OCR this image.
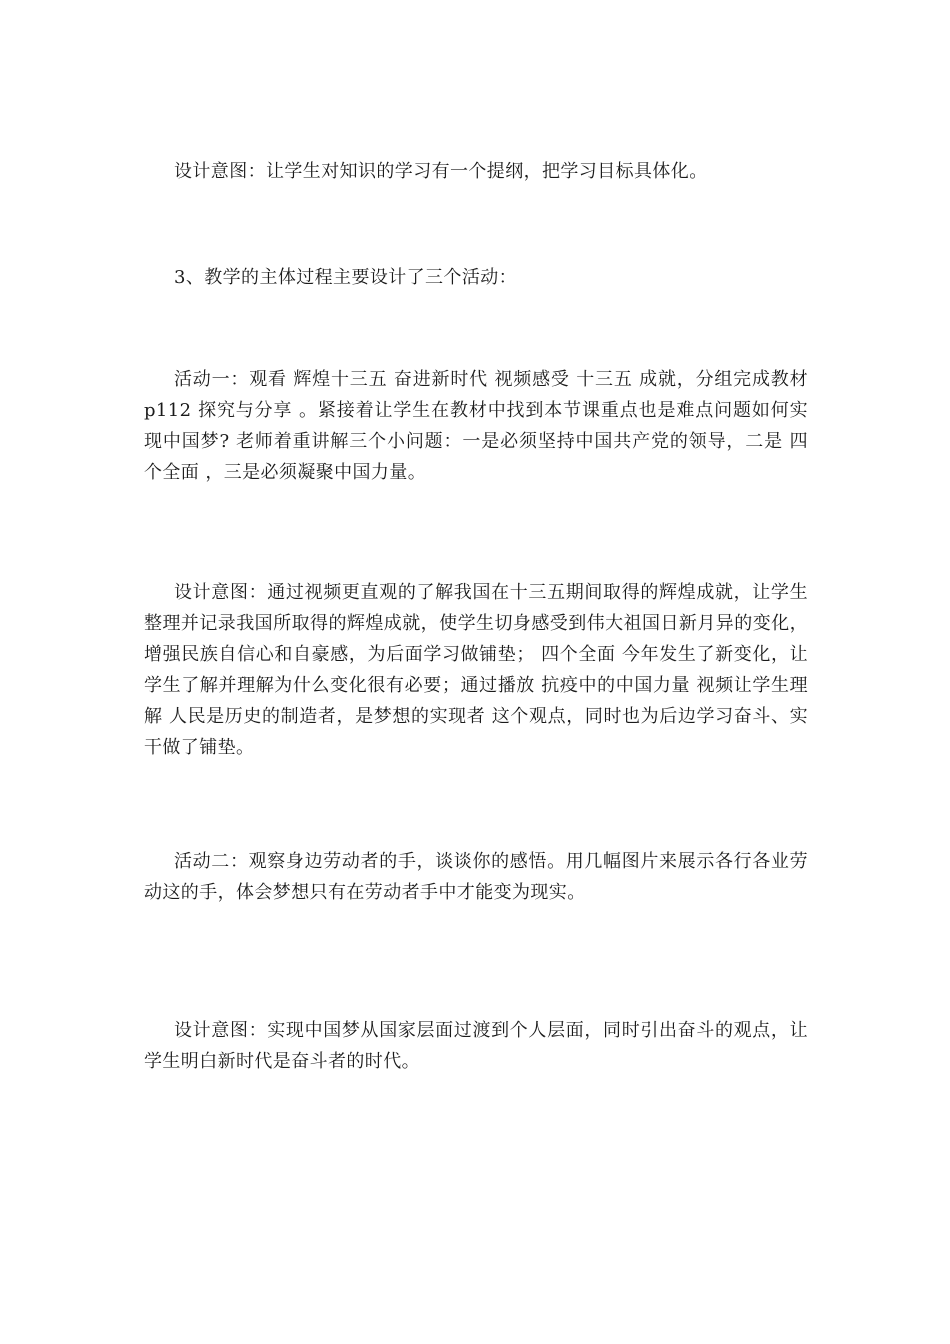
设计意图：让学生对知识的学习有一个提纲，把学习目标具体化。

3、教学的主体过程主要设计了三个活动：

活动一：观看 辉煌十三五 奋进新时代 视频感受 十三五 成就，分组完成教材p112 探究与分享 。紧接着让学生在教材中找到本节课重点也是难点问题如何实现中国梦? 老师着重讲解三个小问题：一是必须坚持中国共产党的领导，二是 四个全面 ，三是必须凝聚中国力量。

设计意图：通过视频更直观的了解我国在十三五期间取得的辉煌成就，让学生整理并记录我国所取得的辉煌成就，使学生切身感受到伟大祖国日新月异的变化，增强民族自信心和自豪感，为后面学习做铺垫； 四个全面 今年发生了新变化，让学生了解并理解为什么变化很有必要；通过播放 抗疫中的中国力量 视频让学生理解 人民是历史的制造者，是梦想的实现者 这个观点，同时也为后边学习奋斗、实干做了铺垫。

活动二：观察身边劳动者的手，谈谈你的感悟。用几幅图片来展示各行各业劳动这的手，体会梦想只有在劳动者手中才能变为现实。

设计意图：实现中国梦从国家层面过渡到个人层面，同时引出奋斗的观点，让学生明白新时代是奋斗者的时代。
